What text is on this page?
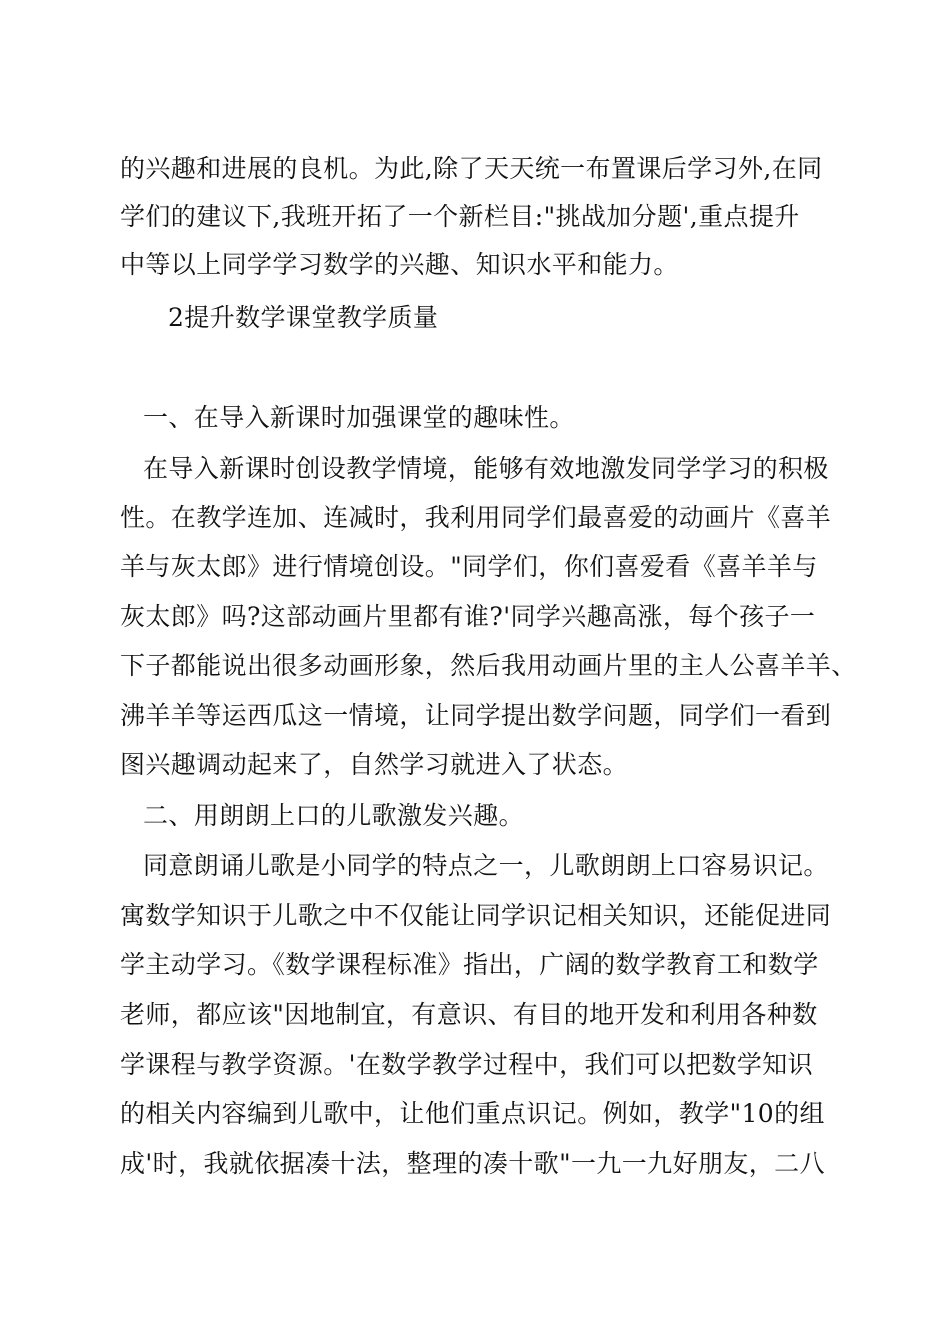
的兴趣和进展的良机。为此,除了天天统一布置课后学习外,在同
学们的建议下,我班开拓了一个新栏目:"挑战加分题',重点提升
中等以上同学学习数学的兴趣、知识水平和能力。
2提升数学课堂教学质量
一、在导入新课时加强课堂的趣味性。
在导入新课时创设教学情境，能够有效地激发同学学习的积极
性。在教学连加、连减时，我利用同学们最喜爱的动画片《喜羊
羊与灰太郎》进行情境创设。"同学们，你们喜爱看《喜羊羊与
灰太郎》吗?这部动画片里都有谁?'同学兴趣高涨，每个孩子一
下子都能说出很多动画形象，然后我用动画片里的主人公喜羊羊、
沸羊羊等运西瓜这一情境，让同学提出数学问题，同学们一看到
图兴趣调动起来了，自然学习就进入了状态。
二、用朗朗上口的儿歌激发兴趣。
同意朗诵儿歌是小同学的特点之一，儿歌朗朗上口容易识记。
寓数学知识于儿歌之中不仅能让同学识记相关知识，还能促进同
学主动学习。《数学课程标准》指出，广阔的数学教育工和数学
老师，都应该"因地制宜，有意识、有目的地开发和利用各种数
学课程与教学资源。'在数学教学过程中，我们可以把数学知识
的相关内容编到儿歌中，让他们重点识记。例如，教学"10的组
成'时，我就依据凑十法，整理的凑十歌"一九一九好朋友，二八
